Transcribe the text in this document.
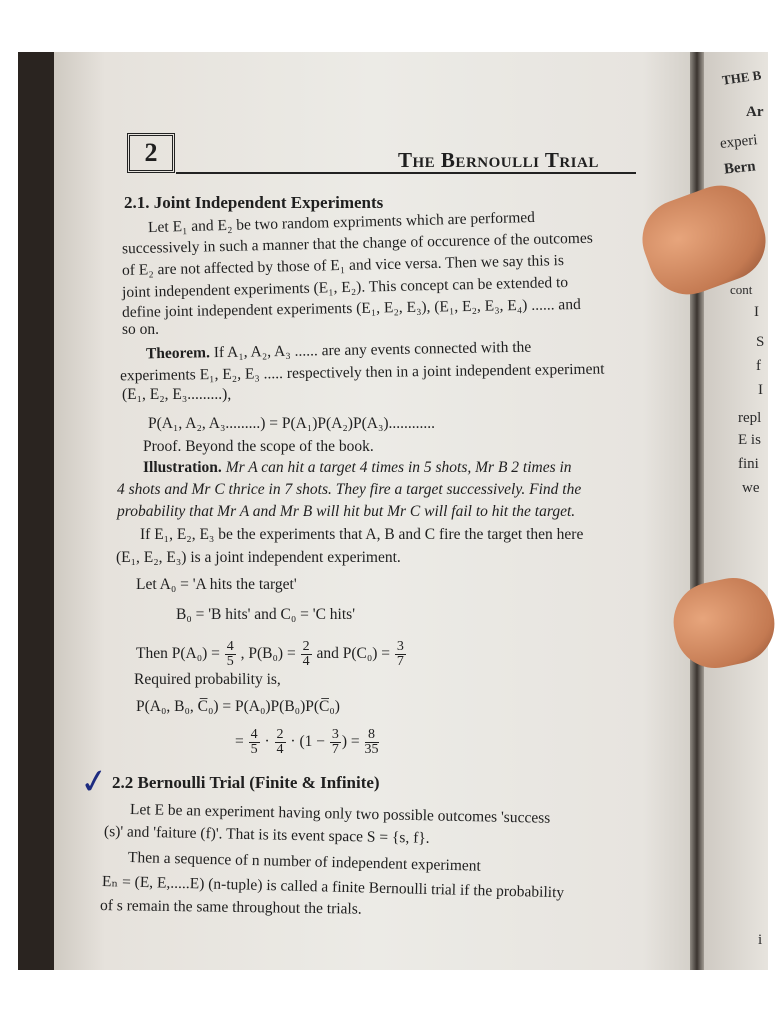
THE B
Ar
experi
Bern
cont
I
S
f
I
repl
E is
fini
we
i
2	The Bernoulli Trial
2.1. Joint Independent Experiments
Let E₁ and E₂ be two random expriments which are performed
successively in such a manner that the change of occurence of the outcomes
of E₂ are not affected by those of E₁ and vice versa. Then we say this is
joint independent experiments (E₁, E₂). This concept can be extended to
define joint independent experiments (E₁, E₂, E₃), (E₁, E₂, E₃, E₄) ...... and
so on.
Theorem. If A₁, A₂, A₃ ...... are any events connected with the
experiments E₁, E₂, E₃ ..... respectively then in a joint independent experiment
(E₁, E₂, E₃.........),
P(A₁, A₂, A₃.........) = P(A₁)P(A₂)P(A₃)............
Proof. Beyond the scope of the book.
Illustration. Mr A can hit a target 4 times in 5 shots, Mr B 2 times in
4 shots and Mr C thrice in 7 shots. They fire a target successively. Find the
probability that Mr A and Mr B will hit but Mr C will fail to hit the target.
If E₁, E₂, E₃ be the experiments that A, B and C fire the target then here
(E₁, E₂, E₃) is a joint independent experiment.
Let A₀ = 'A hits the target'
B₀ = 'B hits' and C₀ = 'C hits'
Then $P(A_0) = \frac{4}{5}$ , $P(B_0) = \frac{2}{4}$ and $P(C_0) = \frac{3}{7}$
Required probability is,
P(A₀, B₀, C̅₀) = P(A₀)P(B₀)P(C̅₀)
= $\frac{4}{5} \cdot \frac{2}{4} \cdot (1 - \frac{3}{7}$ ) = $\frac{8}{35}$
✓ 2.2 Bernoulli Trial (Finite & Infinite)
Let E be an experiment having only two possible outcomes 'success
(s)' and 'faiture (f)'. That is its event space S = {s, f}.
Then a sequence of n number of independent experiment
Eₙ = (E, E,.....E) (n-tuple) is called a finite Bernoulli trial if the probability
of s remain the same throughout the trials.
